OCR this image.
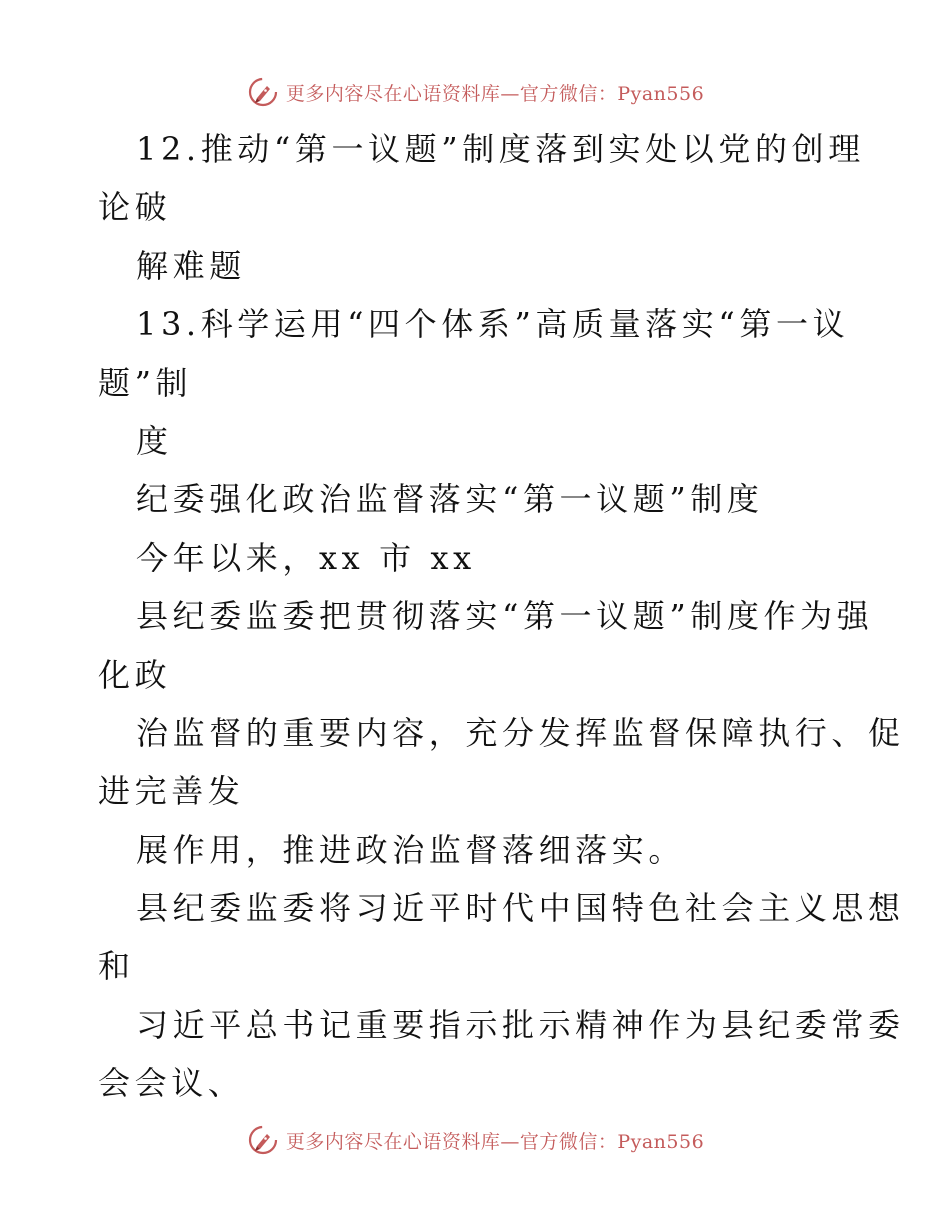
更多内容尽在心语资料库—官方微信：Pyan556
12.推动“第一议题”制度落到实处以党的创理
论破
解难题
13.科学运用“四个体系”高质量落实“第一议
题”制
度
纪委强化政治监督落实“第一议题”制度
今年以来，xx 市 xx
县纪委监委把贯彻落实“第一议题”制度作为强
化政
治监督的重要内容，充分发挥监督保障执行、促
进完善发
展作用，推进政治监督落细落实。
县纪委监委将习近平时代中国特色社会主义思想
和
习近平总书记重要指示批示精神作为县纪委常委
会会议、
更多内容尽在心语资料库—官方微信：Pyan556
